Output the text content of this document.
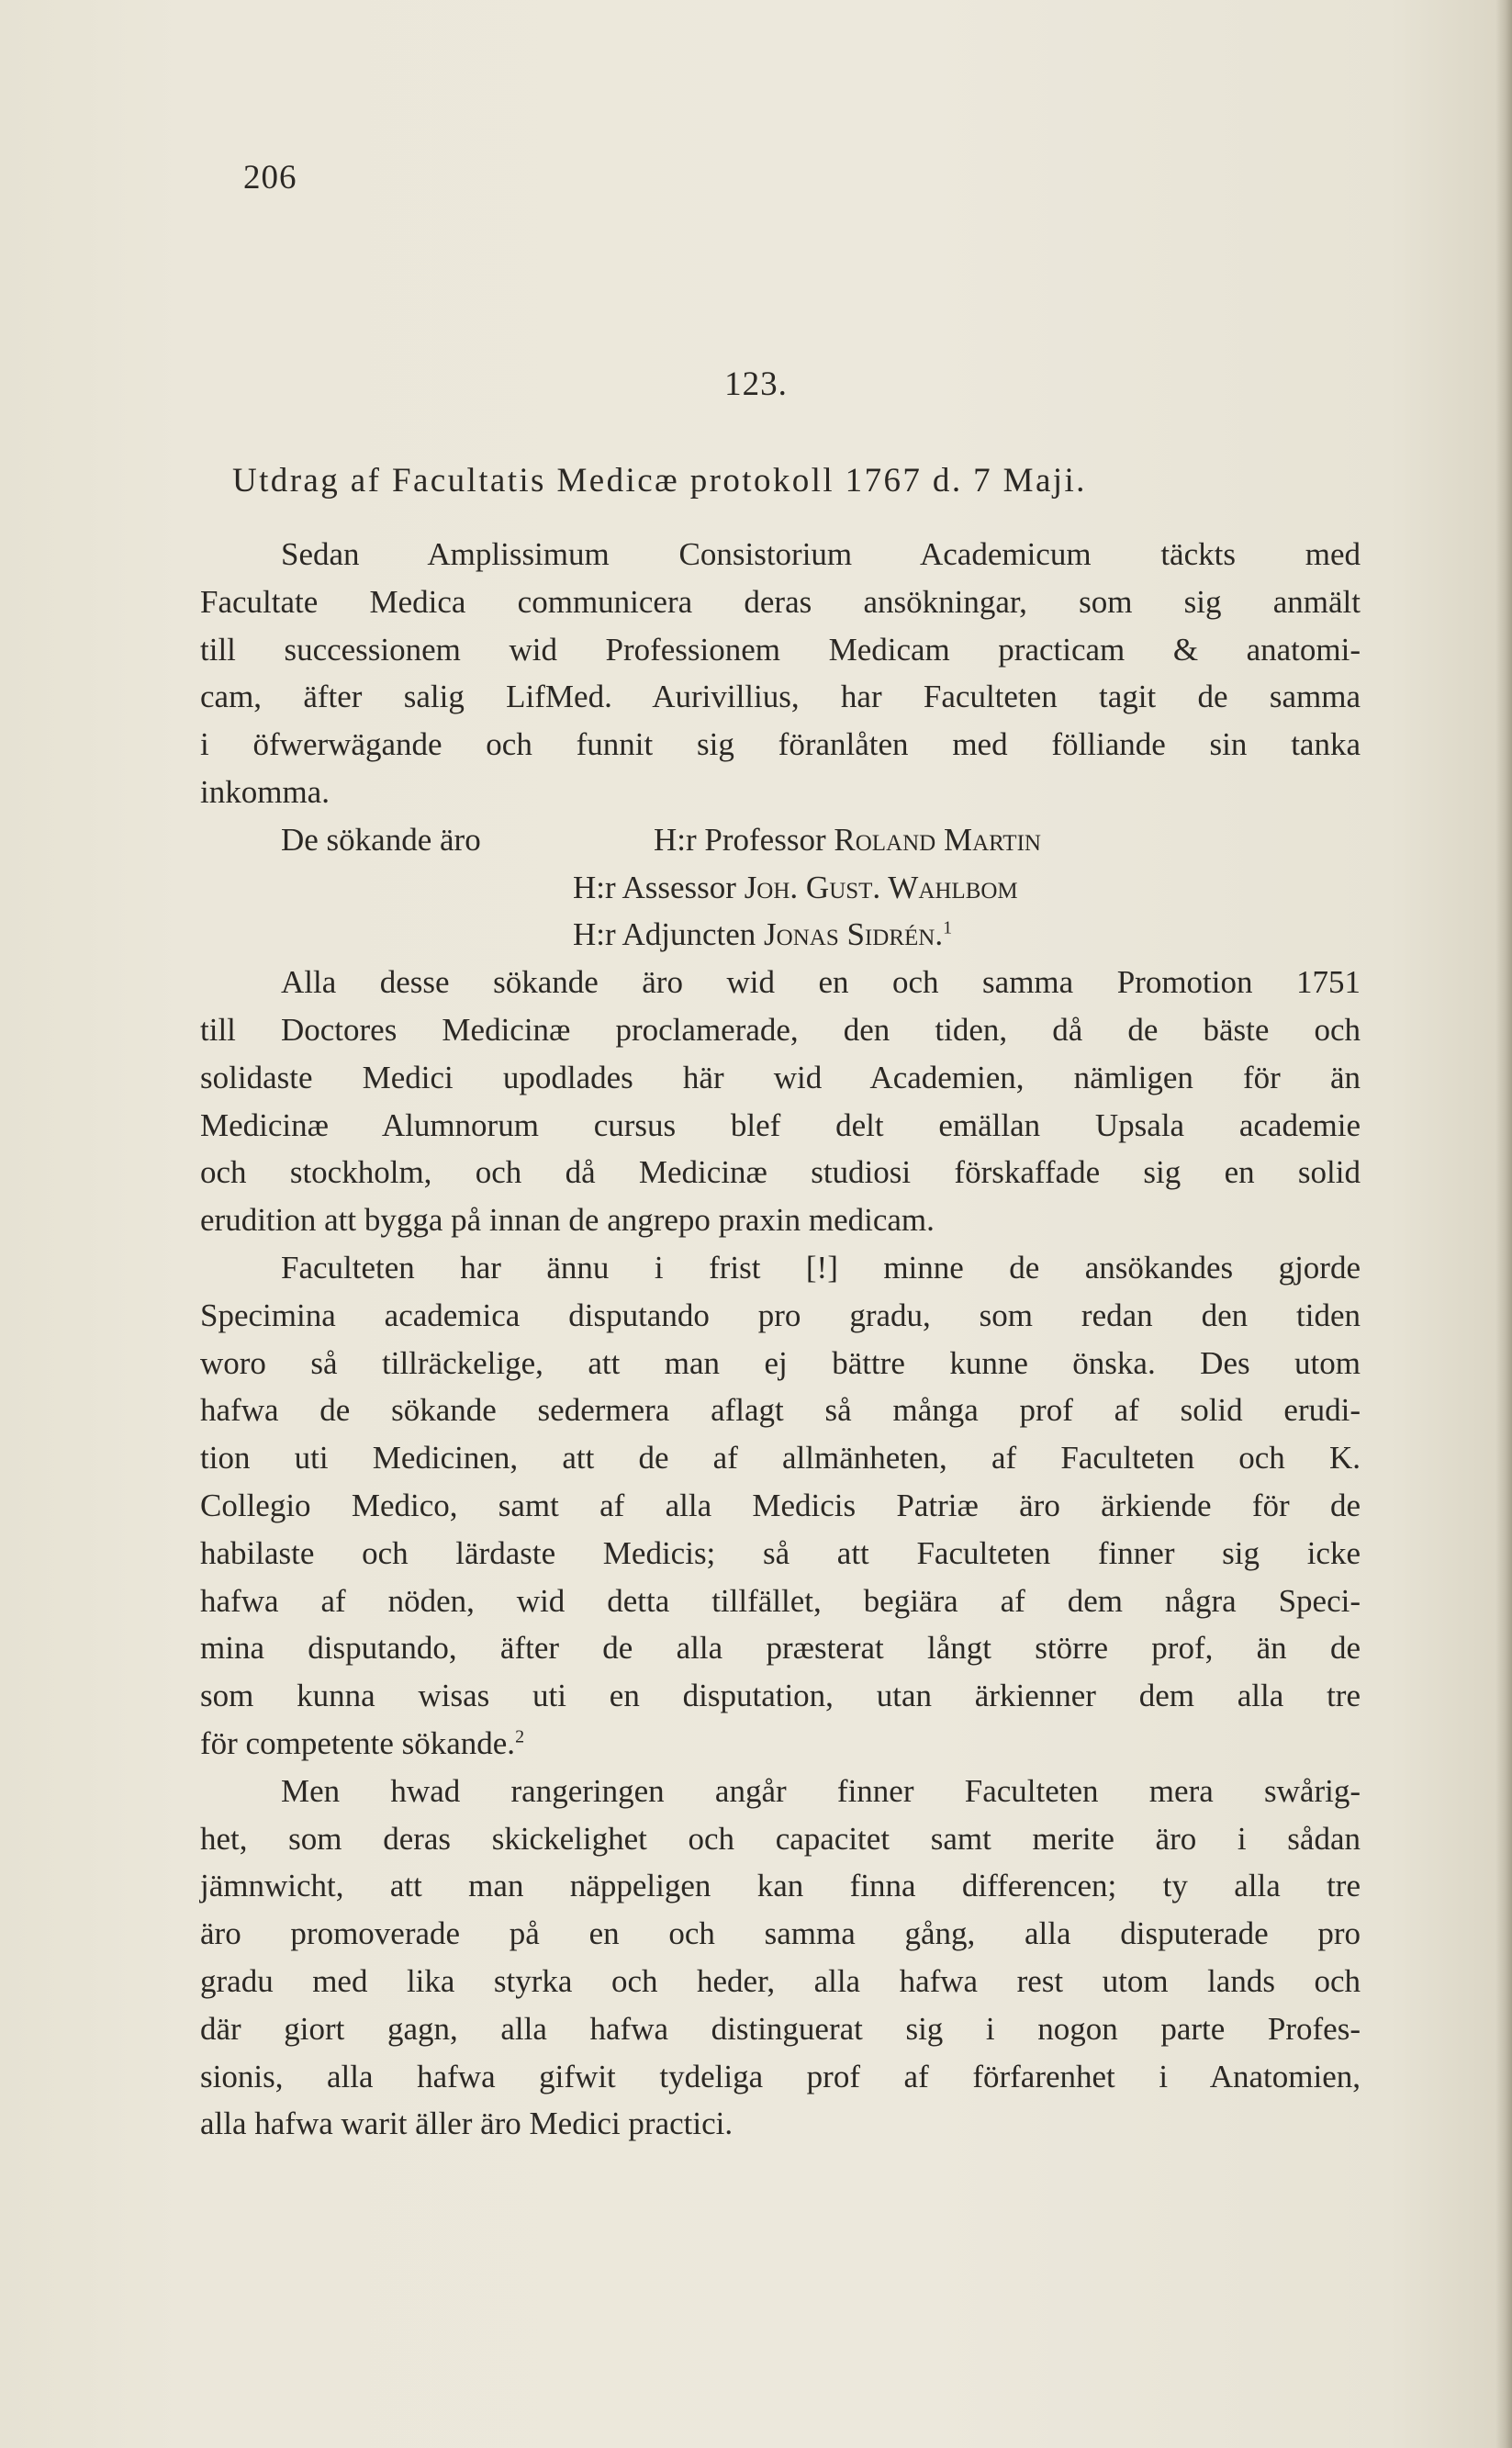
206
123.
Utdrag af Facultatis Medicæ protokoll 1767 d. 7 Maji.
Sedan Amplissimum Consistorium Academicum täckts med
Facultate Medica communicera deras ansökningar, som sig anmält
till successionem wid Professionem Medicam practicam & anatomi-
cam, äfter salig LifMed. Aurivillius, har Faculteten tagit de samma
i öfwerwägande och funnit sig föranlåten med fölliande sin tanka
inkomma.
De sökande äro	H:r Professor Roland Martin
H:r Assessor Joh. Gust. Wahlbom
H:r Adjuncten Jonas Sidrén.$^1$
Alla desse sökande äro wid en och samma Promotion 1751
till Doctores Medicinæ proclamerade, den tiden, då de bäste och
solidaste Medici upodlades här wid Academien, nämligen för än
Medicinæ Alumnorum cursus blef delt emällan Upsala academie
och stockholm, och då Medicinæ studiosi förskaffade sig en solid
erudition att bygga på innan de angrepo praxin medicam.
Faculteten har ännu i frist [!] minne de ansökandes gjorde
Specimina academica disputando pro gradu, som redan den tiden
woro så tillräckelige, att man ej bättre kunne önska. Des utom
hafwa de sökande sedermera aflagt så många prof af solid erudi-
tion uti Medicinen, att de af allmänheten, af Faculteten och K.
Collegio Medico, samt af alla Medicis Patriæ äro ärkiende för de
habilaste och lärdaste Medicis; så att Faculteten finner sig icke
hafwa af nöden, wid detta tillfället, begiära af dem några Speci-
mina disputando, äfter de alla præsterat långt större prof, än de
som kunna wisas uti en disputation, utan ärkienner dem alla tre
för competente sökande.$^2$
Men hwad rangeringen angår finner Faculteten mera swårig-
het, som deras skickelighet och capacitet samt merite äro i sådan
jämnwicht, att man näppeligen kan finna differencen; ty alla tre
äro promoverade på en och samma gång, alla disputerade pro
gradu med lika styrka och heder, alla hafwa rest utom lands och
där giort gagn, alla hafwa distinguerat sig i nogon parte Profes-
sionis, alla hafwa gifwit tydeliga prof af förfarenhet i Anatomien,
alla hafwa warit äller äro Medici practici.
